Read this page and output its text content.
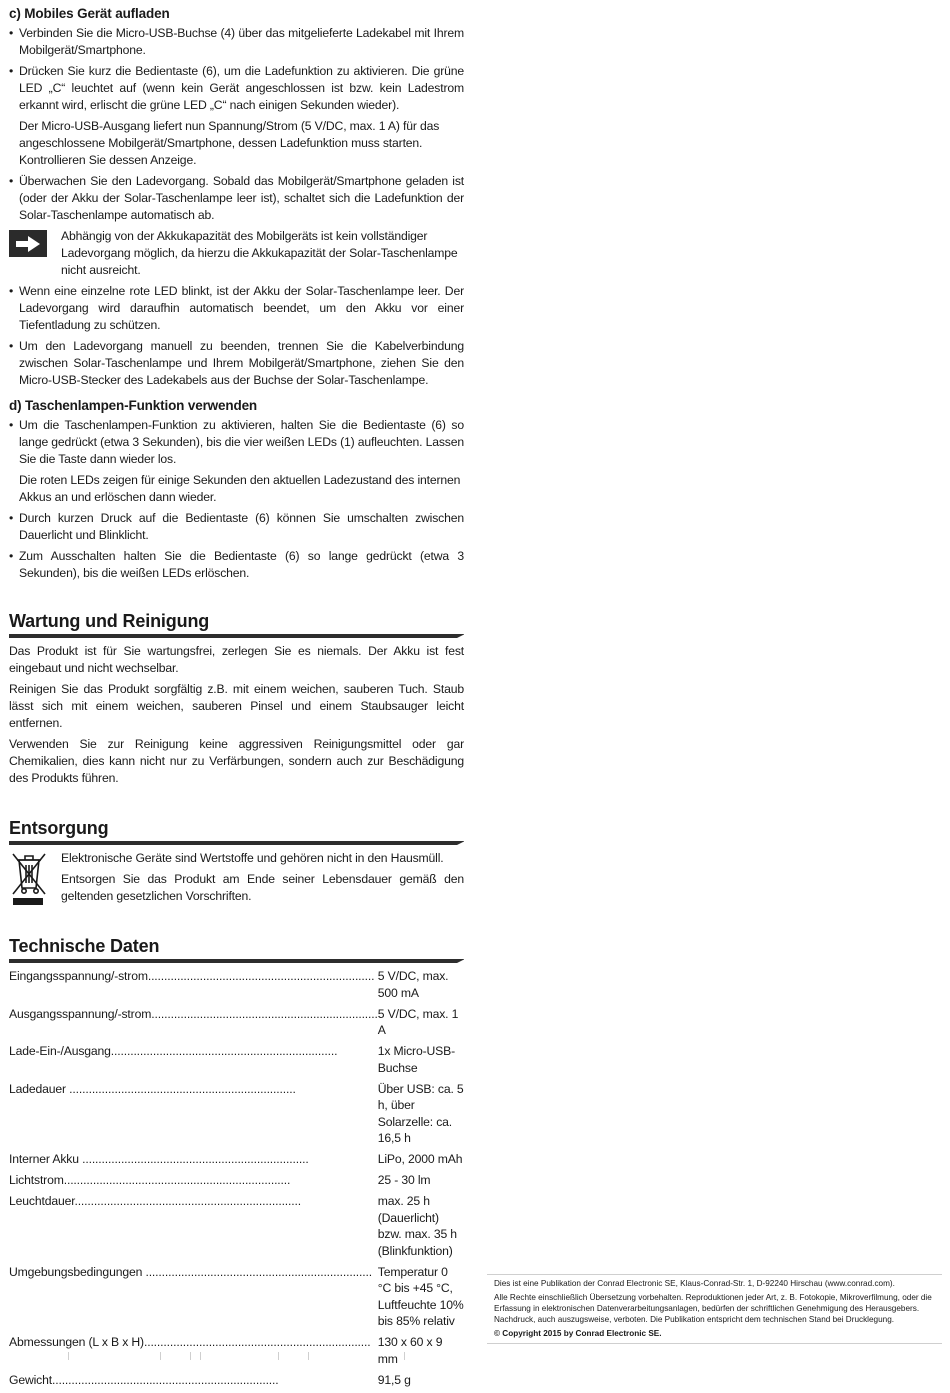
c) Mobiles Gerät aufladen
• Verbinden Sie die Micro-USB-Buchse (4) über das mitgelieferte Ladekabel mit Ihrem Mobilgerät/Smartphone.
• Drücken Sie kurz die Bedientaste (6), um die Ladefunktion zu aktivieren. Die grüne LED „C“ leuchtet auf (wenn kein Gerät angeschlossen ist bzw. kein Ladestrom erkannt wird, erlischt die grüne LED „C“ nach einigen Sekunden wieder).
Der Micro-USB-Ausgang liefert nun Spannung/Strom (5 V/DC, max. 1 A) für das angeschlossene Mobilgerät/Smartphone, dessen Ladefunktion muss starten. Kontrollieren Sie dessen Anzeige.
• Überwachen Sie den Ladevorgang. Sobald das Mobilgerät/Smartphone geladen ist (oder der Akku der Solar-Taschenlampe leer ist), schaltet sich die Ladefunktion der Solar-Taschenlampe automatisch ab.
Abhängig von der Akkukapazität des Mobilgeräts ist kein vollständiger Ladevorgang möglich, da hierzu die Akkukapazität der Solar-Taschenlampe nicht ausreicht.
• Wenn eine einzelne rote LED blinkt, ist der Akku der Solar-Taschenlampe leer. Der Ladevorgang wird daraufhin automatisch beendet, um den Akku vor einer Tiefentladung zu schützen.
• Um den Ladevorgang manuell zu beenden, trennen Sie die Kabelverbindung zwischen Solar-Taschenlampe und Ihrem Mobilgerät/Smartphone, ziehen Sie den Micro-USB-Stecker des Ladekabels aus der Buchse der Solar-Taschenlampe.
d) Taschenlampen-Funktion verwenden
• Um die Taschenlampen-Funktion zu aktivieren, halten Sie die Bedientaste (6) so lange gedrückt (etwa 3 Sekunden), bis die vier weißen LEDs (1) aufleuchten. Lassen Sie die Taste dann wieder los.
Die roten LEDs zeigen für einige Sekunden den aktuellen Ladezustand des internen Akkus an und erlöschen dann wieder.
• Durch kurzen Druck auf die Bedientaste (6) können Sie umschalten zwischen Dauerlicht und Blinklicht.
• Zum Ausschalten halten Sie die Bedientaste (6) so lange gedrückt (etwa 3 Sekunden), bis die weißen LEDs erlöschen.
Wartung und Reinigung
Das Produkt ist für Sie wartungsfrei, zerlegen Sie es niemals. Der Akku ist fest eingebaut und nicht wechselbar.
Reinigen Sie das Produkt sorgfältig z.B. mit einem weichen, sauberen Tuch. Staub lässt sich mit einem weichen, sauberen Pinsel und einem Staubsauger leicht entfernen.
Verwenden Sie zur Reinigung keine aggressiven Reinigungsmittel oder gar Chemikalien, dies kann nicht nur zu Verfärbungen, sondern auch zur Beschädigung des Produkts führen.
Entsorgung
Elektronische Geräte sind Wertstoffe und gehören nicht in den Hausmüll.
Entsorgen Sie das Produkt am Ende seiner Lebensdauer gemäß den geltenden gesetzlichen Vorschriften.
Technische Daten
Eingangsspannung/-strom .....	5 V/DC, max. 500 mA
Ausgangsspannung/-strom .....	5 V/DC, max. 1 A
Lade-Ein-/Ausgang .....	1x Micro-USB-Buchse
Ladedauer .....	Über USB: ca. 5 h, über Solarzelle: ca. 16,5 h
Interner Akku .....	LiPo, 2000 mAh
Lichtstrom .....	25 - 30 lm
Leuchtdauer .....	max. 25 h (Dauerlicht) bzw. max. 35 h (Blinkfunktion)
Umgebungsbedingungen .....	Temperatur 0 °C bis +45 °C, Luftfeuchte 10% bis 85% relativ
Abmessungen (L x B x H) .....	130 x 60 x 9 mm
Gewicht .....	91,5 g

Dies ist eine Publikation der Conrad Electronic SE, Klaus-Conrad-Str. 1, D-92240 Hirschau (www.conrad.com).

Alle Rechte einschließlich Übersetzung vorbehalten. Reproduktionen jeder Art, z. B. Fotokopie, Mikroverfilmung, oder die Erfassung in elektronischen Datenverarbeitungsanlagen, bedürfen der schriftlichen Genehmigung des Herausgebers. Nachdruck, auch auszugsweise, verboten. Die Publikation entspricht dem technischen Stand bei Drucklegung.

© Copyright 2015 by Conrad Electronic SE.
